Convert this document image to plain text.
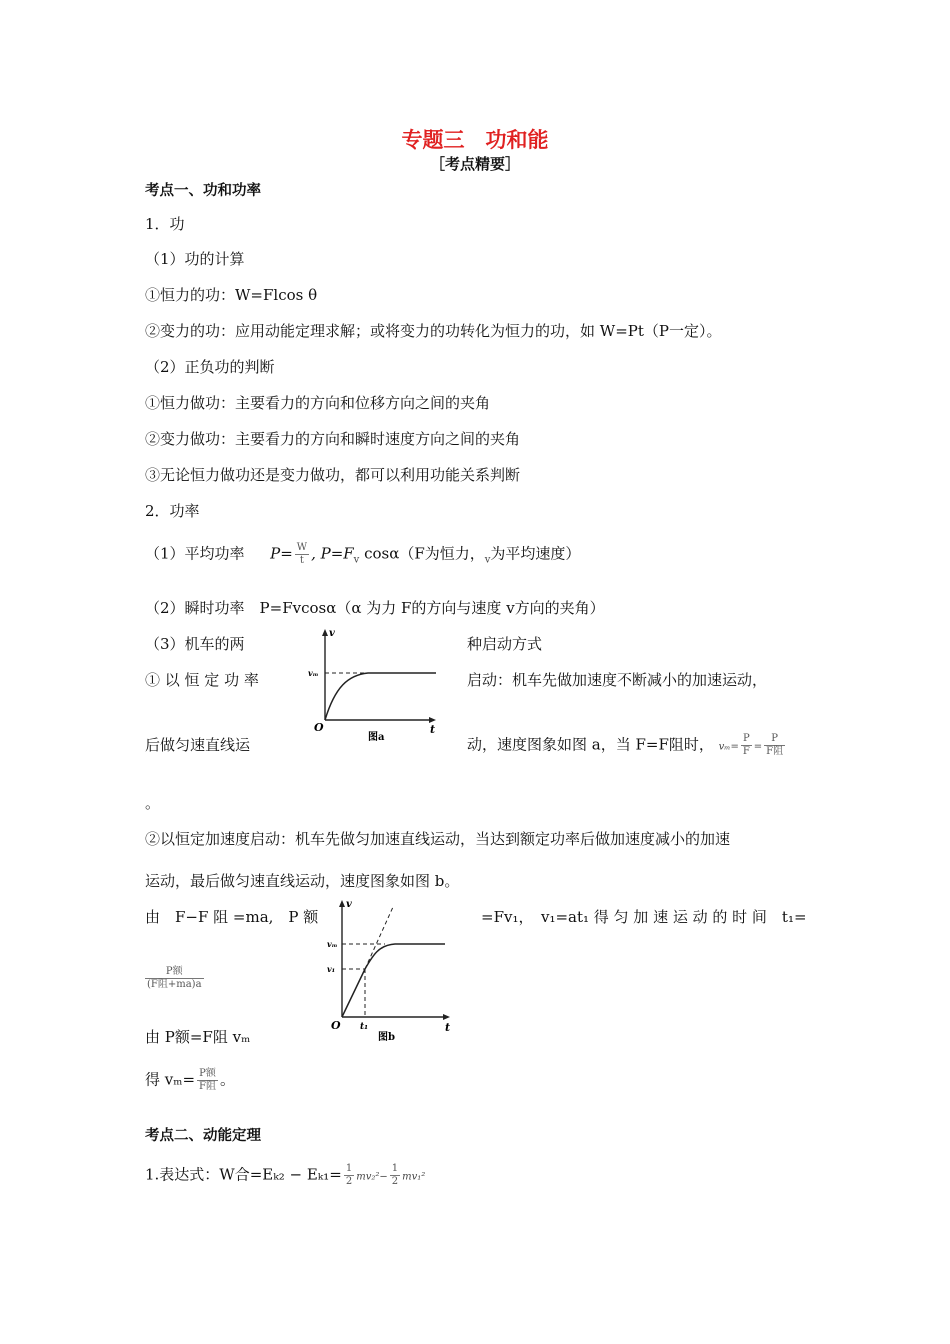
专题三　功和能
［考点精要］
考点一、功和功率
1．功
（1）功的计算
①恒力的功：W=Flcos θ
②变力的功：应用动能定理求解；或将变力的功转化为恒力的功，如 W=Pt（P一定）。
（2）正负功的判断
①恒力做功：主要看力的方向和位移方向之间的夹角
②变力做功：主要看力的方向和瞬时速度方向之间的夹角
③无论恒力做功还是变力做功，都可以利用功能关系判断
2．功率
（1）平均功率 $P= \frac{W}{t}$ , $P=F_v$ cosα（F为恒力，$_v$为平均速度）
（2）瞬时功率　P=Fvcosα（α 为力 F的方向与速度 v方向的夹角）
（3）机车的两	种启动方式
① 以 恒 定 功 率	启动：机车先做加速度不断减小的加速运动，
后做匀速直线运	动，速度图象如图 a，当 F=F阻时， $v_m= \frac{P}{F} = \frac{P}{\text{F阻}}$
。
②以恒定加速度启动：机车先做匀加速直线运动，当达到额定功率后做加速度减小的加速
运动，最后做匀速直线运动，速度图象如图 b。
由　F−F 阻 =ma,　P 额	=Fv₁，　v₁=at₁ 得 匀 加 速 运 动 的 时 间　t₁=
$\frac{\text{P额}}{\text{(F阻+ma)a}}$
由 P额=F阻 vₘ
得 $v_m= \frac{\text{P额}}{\text{F阻}}$ 。
考点二、动能定理
1.表达式：W合$=E_{k2} - E_{k1}= \frac{1}{2} mv_2^2- \frac{1}{2} mv_1^2$
v
vₘ
O	t
图a
v
vₘ
v₁
O t₁	t
图b
